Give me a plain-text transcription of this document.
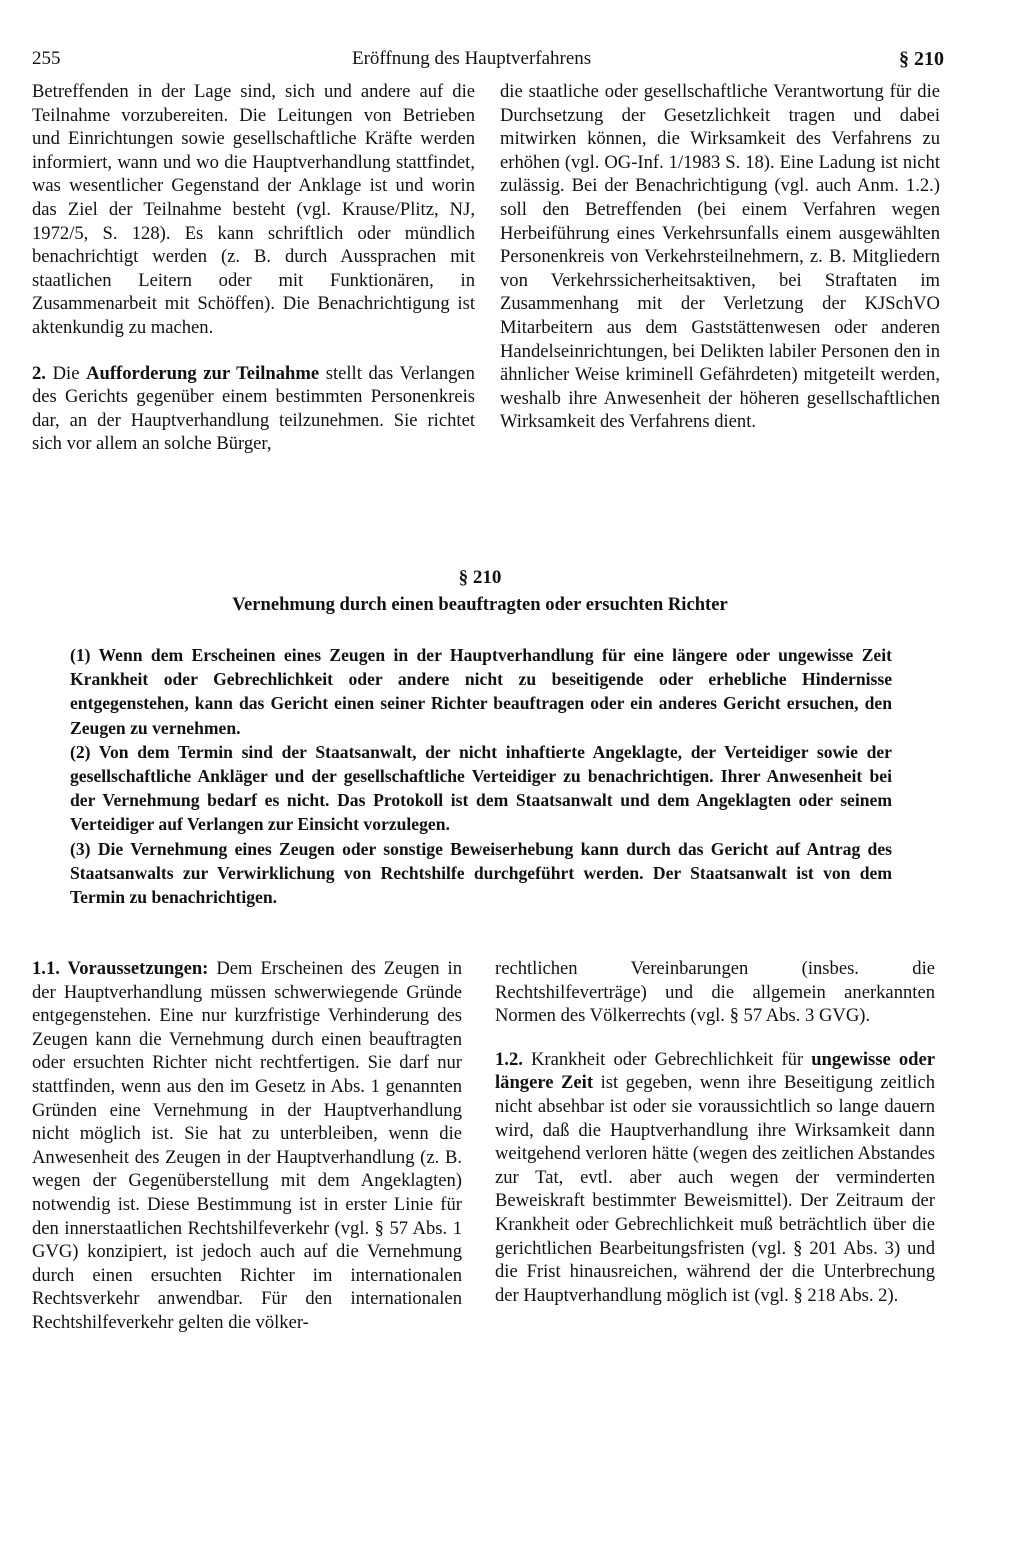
255	Eröffnung des Hauptverfahrens	§ 210

Betreffenden in der Lage sind, sich und andere auf die Teilnahme vorzubereiten. Die Leitungen von Betrieben und Einrichtungen sowie gesellschaftliche Kräfte werden informiert, wann und wo die Hauptverhandlung stattfindet, was wesentlicher Gegenstand der Anklage ist und worin das Ziel der Teilnahme besteht (vgl. Krause/Plitz, NJ, 1972/5, S. 128). Es kann schriftlich oder mündlich benachrichtigt werden (z. B. durch Aussprachen mit staatlichen Leitern oder mit Funktionären, in Zusammenarbeit mit Schöffen). Die Benachrichtigung ist aktenkundig zu machen.

2. Die Aufforderung zur Teilnahme stellt das Verlangen des Gerichts gegenüber einem bestimmten Personenkreis dar, an der Hauptverhandlung teilzunehmen. Sie richtet sich vor allem an solche Bürger,

die staatliche oder gesellschaftliche Verantwortung für die Durchsetzung der Gesetzlichkeit tragen und dabei mitwirken können, die Wirksamkeit des Verfahrens zu erhöhen (vgl. OG-Inf. 1/1983 S. 18). Eine Ladung ist nicht zulässig. Bei der Benachrichtigung (vgl. auch Anm. 1.2.) soll den Betreffenden (bei einem Verfahren wegen Herbeiführung eines Verkehrsunfalls einem ausgewählten Personenkreis von Verkehrsteilnehmern, z. B. Mitgliedern von Verkehrssicherheitsaktiven, bei Straftaten im Zusammenhang mit der Verletzung der KJSchVO Mitarbeitern aus dem Gaststättenwesen oder anderen Handelseinrichtungen, bei Delikten labiler Personen den in ähnlicher Weise kriminell Gefährdeten) mitgeteilt werden, weshalb ihre Anwesenheit der höheren gesellschaftlichen Wirksamkeit des Verfahrens dient.

§ 210
Vernehmung durch einen beauftragten oder ersuchten Richter

(1) Wenn dem Erscheinen eines Zeugen in der Hauptverhandlung für eine längere oder ungewisse Zeit Krankheit oder Gebrechlichkeit oder andere nicht zu beseitigende oder erhebliche Hindernisse entgegenstehen, kann das Gericht einen seiner Richter beauftragen oder ein anderes Gericht ersuchen, den Zeugen zu vernehmen.

(2) Von dem Termin sind der Staatsanwalt, der nicht inhaftierte Angeklagte, der Verteidiger sowie der gesellschaftliche Ankläger und der gesellschaftliche Verteidiger zu benachrichtigen. Ihrer Anwesenheit bei der Vernehmung bedarf es nicht. Das Protokoll ist dem Staatsanwalt und dem Angeklagten oder seinem Verteidiger auf Verlangen zur Einsicht vorzulegen.

(3) Die Vernehmung eines Zeugen oder sonstige Beweiserhebung kann durch das Gericht auf Antrag des Staatsanwalts zur Verwirklichung von Rechtshilfe durchgeführt werden. Der Staatsanwalt ist von dem Termin zu benachrichtigen.

1.1. Voraussetzungen: Dem Erscheinen des Zeugen in der Hauptverhandlung müssen schwerwiegende Gründe entgegenstehen. Eine nur kurzfristige Verhinderung des Zeugen kann die Vernehmung durch einen beauftragten oder ersuchten Richter nicht rechtfertigen. Sie darf nur stattfinden, wenn aus den im Gesetz in Abs. 1 genannten Gründen eine Vernehmung in der Hauptverhandlung nicht möglich ist. Sie hat zu unterbleiben, wenn die Anwesenheit des Zeugen in der Hauptverhandlung (z. B. wegen der Gegenüberstellung mit dem Angeklagten) notwendig ist. Diese Bestimmung ist in erster Linie für den innerstaatlichen Rechtshilfeverkehr (vgl. § 57 Abs. 1 GVG) konzipiert, ist jedoch auch auf die Vernehmung durch einen ersuchten Richter im internationalen Rechtsverkehr anwendbar. Für den internationalen Rechtshilfeverkehr gelten die völker-

rechtlichen Vereinbarungen (insbes. die Rechtshilfeverträge) und die allgemein anerkannten Normen des Völkerrechts (vgl. § 57 Abs. 3 GVG).

1.2. Krankheit oder Gebrechlichkeit für ungewisse oder längere Zeit ist gegeben, wenn ihre Beseitigung zeitlich nicht absehbar ist oder sie voraussichtlich so lange dauern wird, daß die Hauptverhandlung ihre Wirksamkeit dann weitgehend verloren hätte (wegen des zeitlichen Abstandes zur Tat, evtl. aber auch wegen der verminderten Beweiskraft bestimmter Beweismittel). Der Zeitraum der Krankheit oder Gebrechlichkeit muß beträchtlich über die gerichtlichen Bearbeitungsfristen (vgl. § 201 Abs. 3) und die Frist hinausreichen, während der die Unterbrechung der Hauptverhandlung möglich ist (vgl. § 218 Abs. 2).
